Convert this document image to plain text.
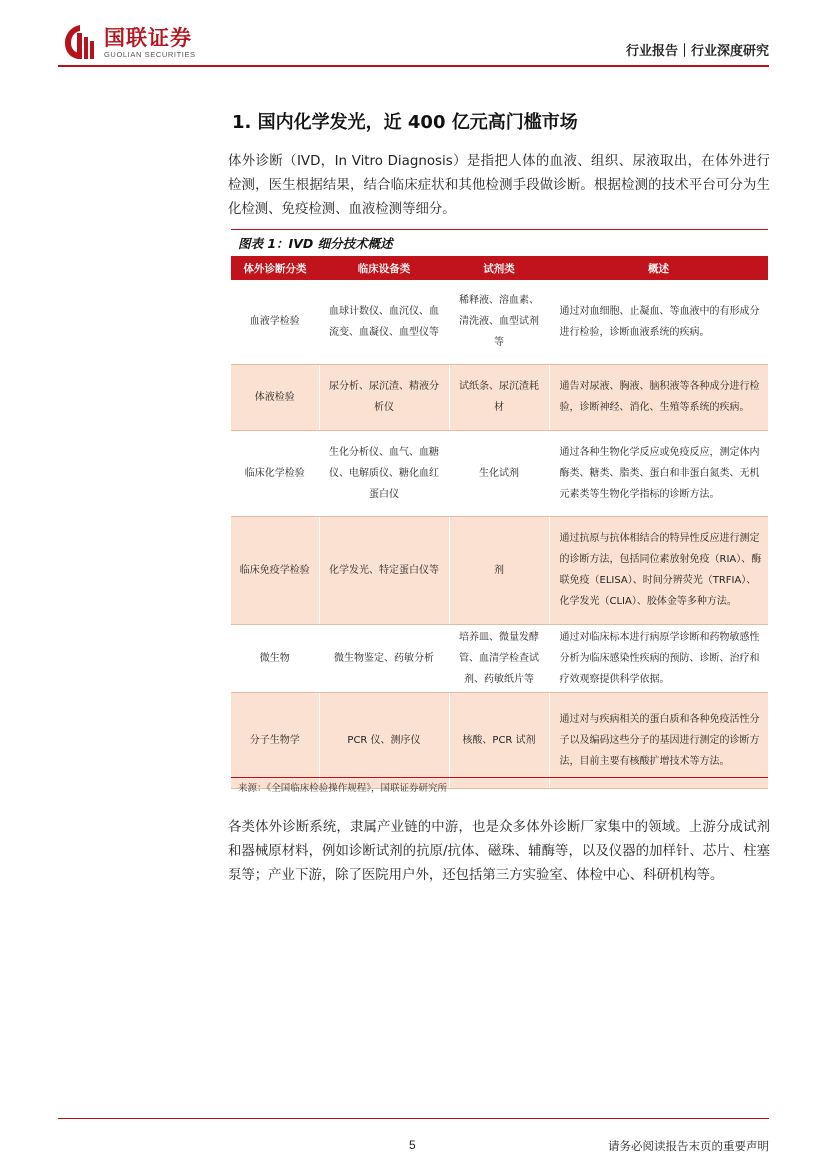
国联证券
GUOLIAN SECURITIES	行业报告｜行业深度研究
1. 国内化学发光，近 400 亿元高门槛市场
体外诊断（IVD，In Vitro Diagnosis）是指把人体的血液、组织、尿液取出，在体外进行检测，医生根据结果，结合临床症状和其他检测手段做诊断。根据检测的技术平台可分为生化检测、免疫检测、血液检测等细分。
图表 1：IVD 细分技术概述
体外诊断分类	临床设备类	试剂类	概述
血液学检验	血球计数仪、血沉仪、血流变、血凝仪、血型仪等	稀释液、溶血素、清洗液、血型试剂等	通过对血细胞、止凝血、等血液中的有形成分进行检验，诊断血液系统的疾病。
体液检验	尿分析、尿沉渣、精液分析仪	试纸条、尿沉渣耗材	通告对尿液、胸液、脑积液等各种成分进行检验，诊断神经、消化、生殖等系统的疾病。
临床化学检验	生化分析仪、血气、血糖仪、电解质仪、糖化血红蛋白仪	生化试剂	通过各种生物化学反应或免疫反应，测定体内酶类、糖类、脂类、蛋白和非蛋白氮类、无机元素类等生物化学指标的诊断方法。
临床免疫学检验	化学发光、特定蛋白仪等	剂	通过抗原与抗体相结合的特异性反应进行测定的诊断方法，包括同位素放射免疫（RIA）、酶联免疫（ELISA）、时间分辨荧光（TRFIA）、化学发光（CLIA）、胶体金等多种方法。
微生物	微生物鉴定、药敏分析	培养皿、微量发酵管、血清学检查试剂、药敏纸片等	通过对临床标本进行病原学诊断和药物敏感性分析为临床感染性疾病的预防、诊断、治疗和疗效观察提供科学依据。
分子生物学	PCR 仪、测序仪	核酸、PCR 试剂	通过对与疾病相关的蛋白质和各种免疫活性分子以及编码这些分子的基因进行测定的诊断方法，目前主要有核酸扩增技术等方法。
来源：《全国临床检验操作规程》，国联证券研究所
各类体外诊断系统，隶属产业链的中游，也是众多体外诊断厂家集中的领域。上游分成试剂和器械原材料，例如诊断试剂的抗原/抗体、磁珠、辅酶等，以及仪器的加样针、芯片、柱塞泵等；产业下游，除了医院用户外，还包括第三方实验室、体检中心、科研机构等。
5	请务必阅读报告末页的重要声明
